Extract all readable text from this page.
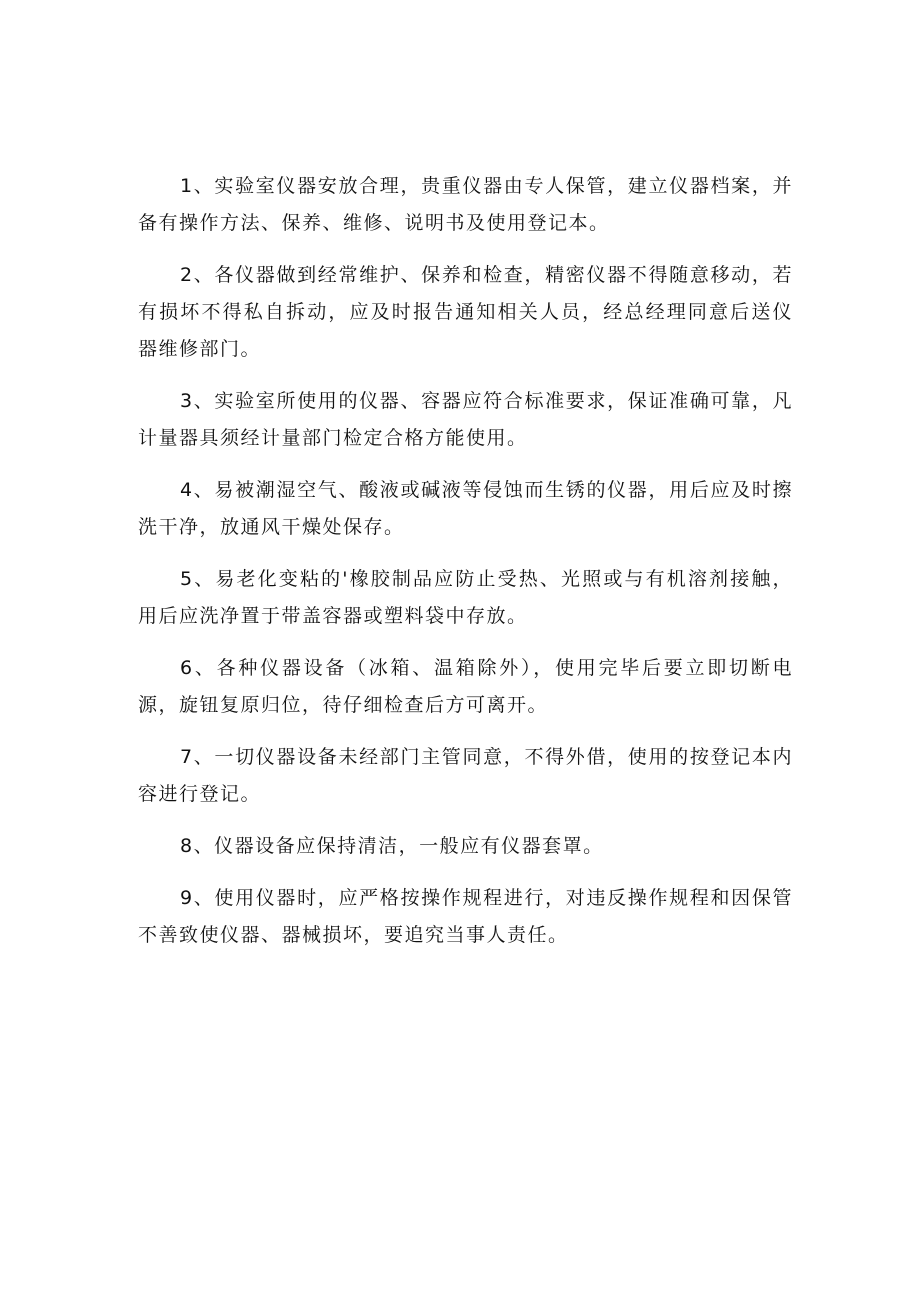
1、实验室仪器安放合理，贵重仪器由专人保管，建立仪器档案，并备有操作方法、保养、维修、说明书及使用登记本。

2、各仪器做到经常维护、保养和检查，精密仪器不得随意移动，若有损坏不得私自拆动，应及时报告通知相关人员，经总经理同意后送仪器维修部门。

3、实验室所使用的仪器、容器应符合标准要求，保证准确可靠，凡计量器具须经计量部门检定合格方能使用。

4、易被潮湿空气、酸液或碱液等侵蚀而生锈的仪器，用后应及时擦洗干净，放通风干燥处保存。

5、易老化变粘的'橡胶制品应防止受热、光照或与有机溶剂接触，用后应洗净置于带盖容器或塑料袋中存放。

6、各种仪器设备（冰箱、温箱除外），使用完毕后要立即切断电源，旋钮复原归位，待仔细检查后方可离开。

7、一切仪器设备未经部门主管同意，不得外借，使用的按登记本内容进行登记。

8、仪器设备应保持清洁，一般应有仪器套罩。

9、使用仪器时，应严格按操作规程进行，对违反操作规程和因保管不善致使仪器、器械损坏，要追究当事人责任。
